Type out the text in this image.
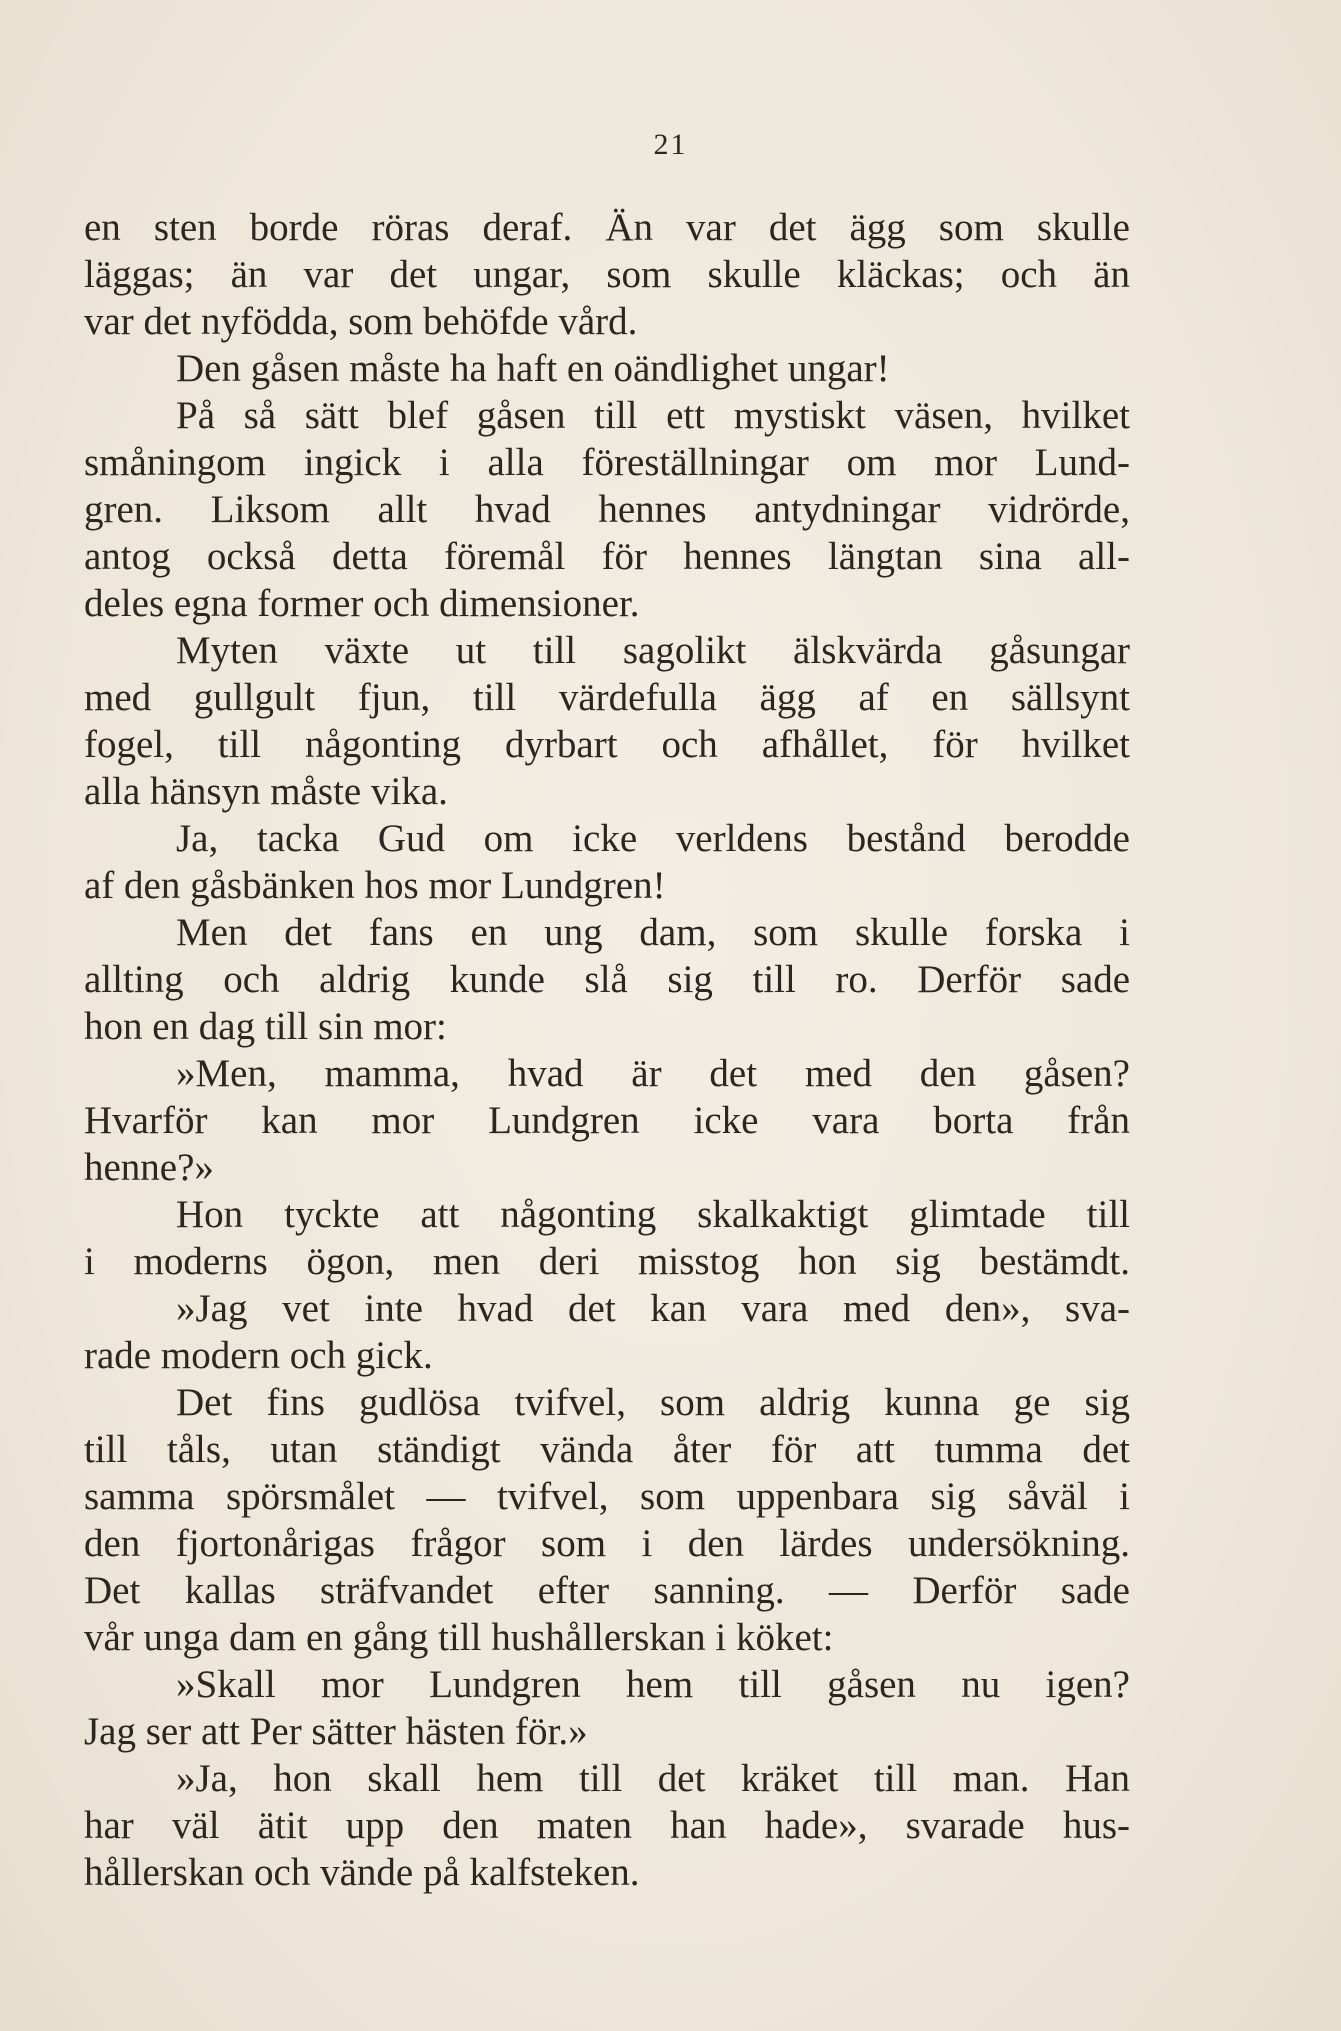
21
en sten borde röras deraf. Än var det ägg som skulle
läggas; än var det ungar, som skulle kläckas; och än
var det nyfödda, som behöfde vård.
Den gåsen måste ha haft en oändlighet ungar!
På så sätt blef gåsen till ett mystiskt väsen, hvilket
småningom ingick i alla föreställningar om mor Lund-
gren. Liksom allt hvad hennes antydningar vidrörde,
antog också detta föremål för hennes längtan sina all-
deles egna former och dimensioner.
Myten växte ut till sagolikt älskvärda gåsungar
med gullgult fjun, till värdefulla ägg af en sällsynt
fogel, till någonting dyrbart och afhållet, för hvilket
alla hänsyn måste vika.
Ja, tacka Gud om icke verldens bestånd berodde
af den gåsbänken hos mor Lundgren!
Men det fans en ung dam, som skulle forska i
allting och aldrig kunde slå sig till ro. Derför sade
hon en dag till sin mor:
»Men, mamma, hvad är det med den gåsen?
Hvarför kan mor Lundgren icke vara borta från
henne?»
Hon tyckte att någonting skalkaktigt glimtade till
i moderns ögon, men deri misstog hon sig bestämdt.
»Jag vet inte hvad det kan vara med den», sva-
rade modern och gick.
Det fins gudlösa tvifvel, som aldrig kunna ge sig
till tåls, utan ständigt vända åter för att tumma det
samma spörsmålet — tvifvel, som uppenbara sig såväl i
den fjortonårigas frågor som i den lärdes undersökning.
Det kallas sträfvandet efter sanning. — Derför sade
vår unga dam en gång till hushållerskan i köket:
»Skall mor Lundgren hem till gåsen nu igen?
Jag ser att Per sätter hästen för.»
»Ja, hon skall hem till det kräket till man. Han
har väl ätit upp den maten han hade», svarade hus-
hållerskan och vände på kalfsteken.
